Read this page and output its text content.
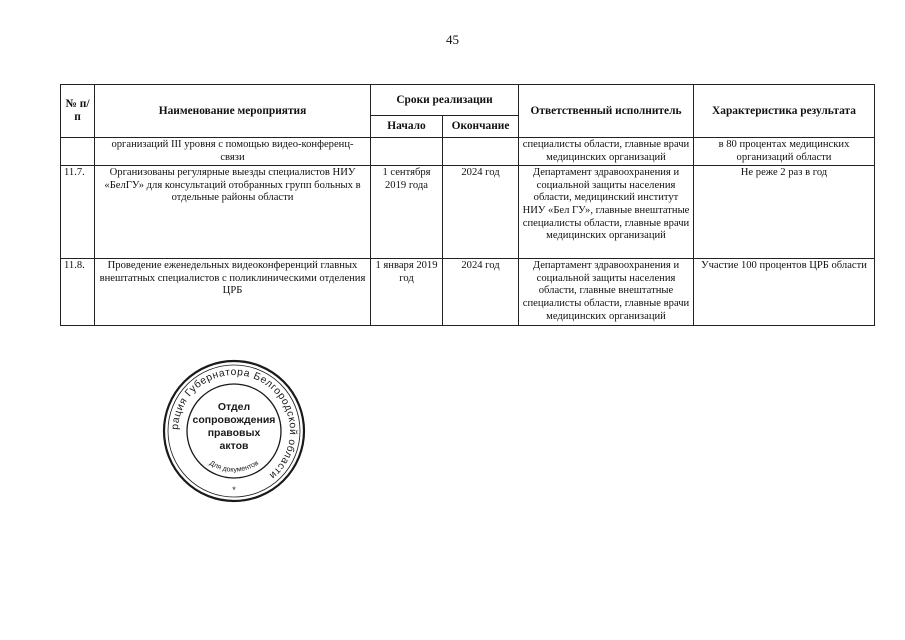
45
№ п/п	Наименование мероприятия	Сроки реализации		Ответственный исполнитель	Характеристика результата
		Начало	Окончание		
	организаций III уровня с помощью видео-конференц- связи			специалисты области, главные врачи медицинских организаций	в 80 процентах медицинских организаций области
11.7.	Организованы регулярные выезды специалистов НИУ «БелГУ» для консультаций отобранных групп больных в отдельные районы области	1 сентября 2019 года	2024 год	Департамент здравоохранения и социальной защиты населения области, медицинский институт НИУ «Бел ГУ», главные внештатные специалисты области, главные врачи медицинских организаций	Не реже 2 раз в год
11.8.	Проведение еженедельных видеоконференций главных внештатных специалистов с поликлиническими отделения ЦРБ	1 января 2019 год	2024 год	Департамент здравоохранения и социальной защиты населения области, главные внештатные специалисты области, главные врачи медицинских организаций	Участие 100 процентов ЦРБ области
рация Губернатора Белгородской области
*
Для документов
Отдел
сопровождения
правовых
актов
